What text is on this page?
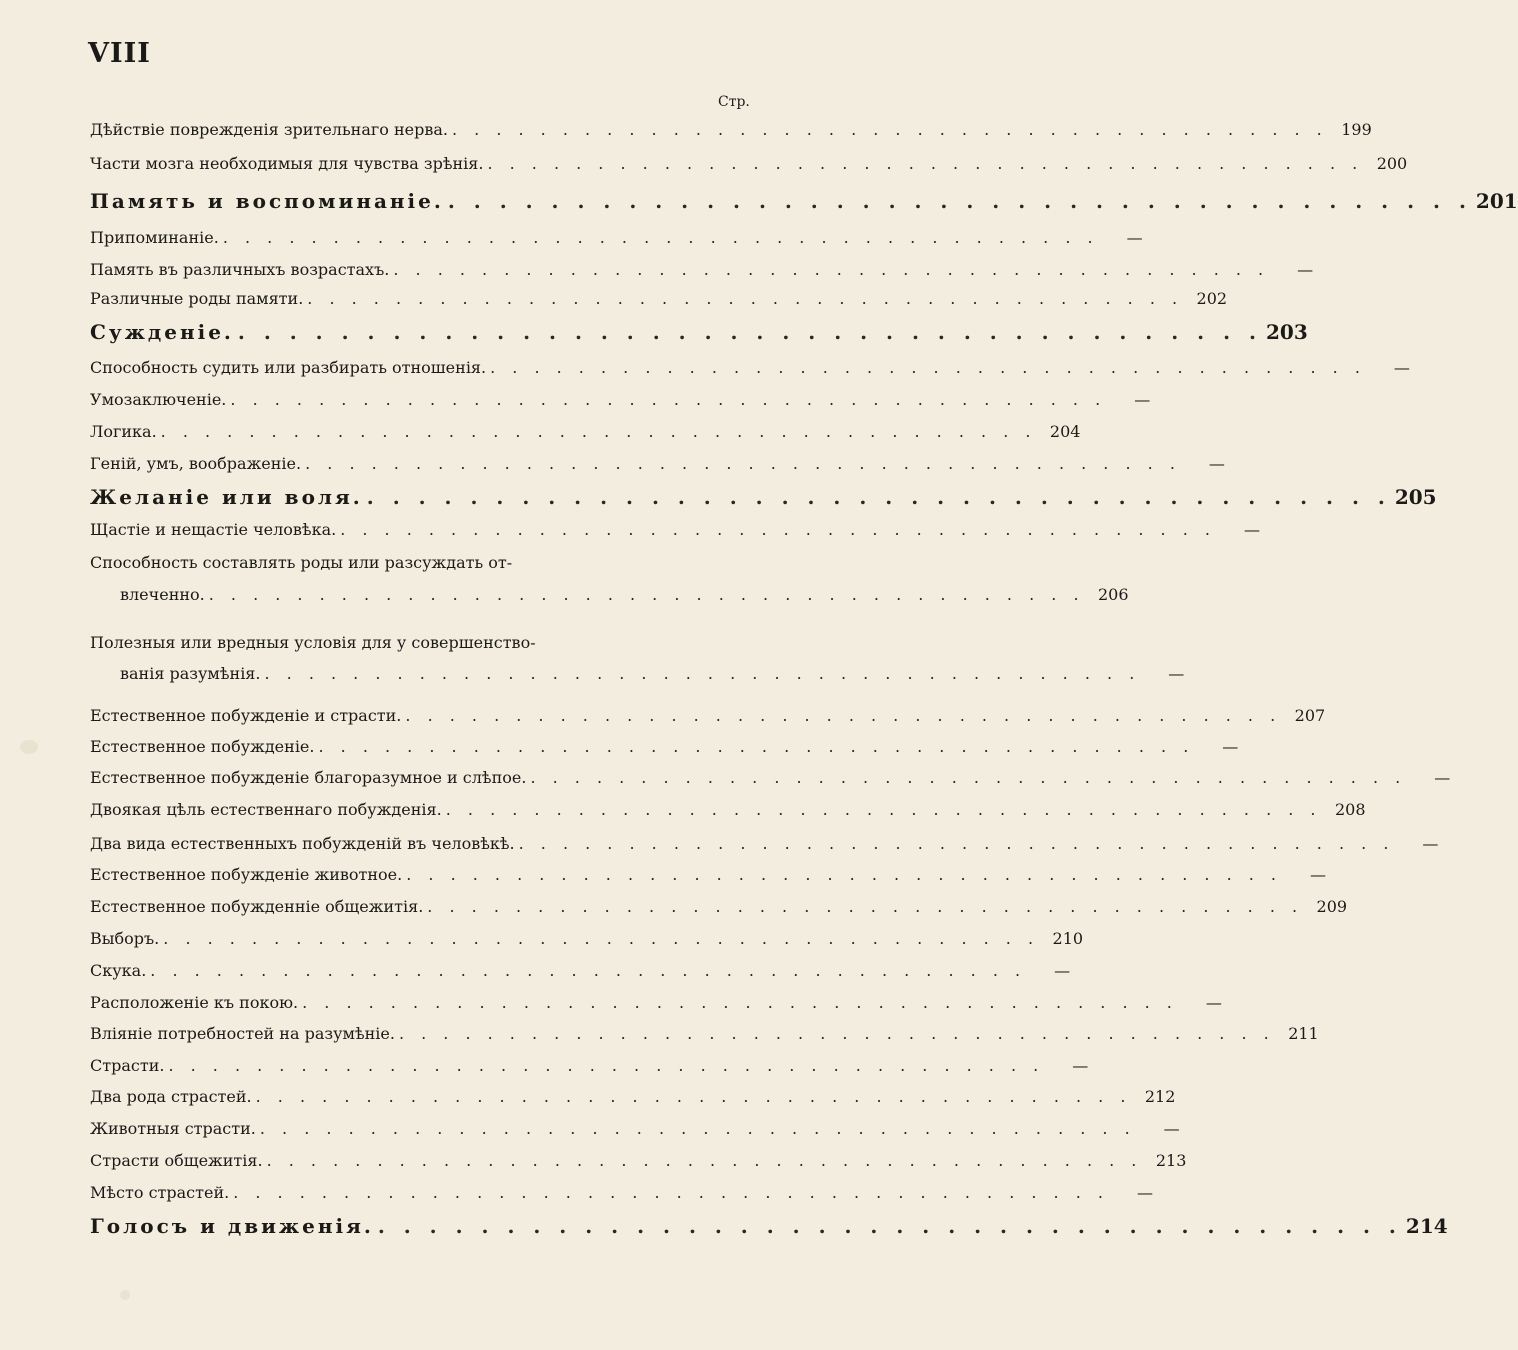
VIII
Стр.
Дѣйствіе поврежденія зрительнаго нерва. . . . . . . . . . . . . . . . . . . . . . . . . . . . . . . . . . . . . . . . . 199
Части мозга необходимыя для чувства зрѣнія. . . . . . . . . . . . . . . . . . . . . . . . . . . . . . . . . . . . . . . . . 200
Память и воспоминаніе. . . . . . . . . . . . . . . . . . . . . . . . . . . . . . . . . . . . . . . . . 201
Припоминаніе. . . . . . . . . . . . . . . . . . . . . . . . . . . . . . . . . . . . . . . . .	—
Память въ различныхъ возрастахъ. . . . . . . . . . . . . . . . . . . . . . . . . . . . . . . . . . . . . . . . .	—
Различные роды памяти. . . . . . . . . . . . . . . . . . . . . . . . . . . . . . . . . . . . . . . . . 202
Сужденіе. . . . . . . . . . . . . . . . . . . . . . . . . . . . . . . . . . . . . . . . . 203
Способность судить или разбирать отношенія. . . . . . . . . . . . . . . . . . . . . . . . . . . . . . . . . . . . . . . . .	—
Умозаключеніе. . . . . . . . . . . . . . . . . . . . . . . . . . . . . . . . . . . . . . . . .	—
Логика. . . . . . . . . . . . . . . . . . . . . . . . . . . . . . . . . . . . . . . . . 204
Геній, умъ, воображеніе. . . . . . . . . . . . . . . . . . . . . . . . . . . . . . . . . . . . . . . . .	—
Желаніе или воля. . . . . . . . . . . . . . . . . . . . . . . . . . . . . . . . . . . . . . . . . 205
Щастіе и нещастіе человѣка. . . . . . . . . . . . . . . . . . . . . . . . . . . . . . . . . . . . . . . . .	—
Способность составлять роды или разсуждать от-
влеченно. . . . . . . . . . . . . . . . . . . . . . . . . . . . . . . . . . . . . . . . . 206
Полезныя или вредныя условія для у совершенство-
ванія разумѣнія. . . . . . . . . . . . . . . . . . . . . . . . . . . . . . . . . . . . . . . . .	—
Естественное побужденіе и страсти. . . . . . . . . . . . . . . . . . . . . . . . . . . . . . . . . . . . . . . . . 207
Естественное побужденіе. . . . . . . . . . . . . . . . . . . . . . . . . . . . . . . . . . . . . . . . .	—
Естественное побужденіе благоразумное и слѣпое. . . . . . . . . . . . . . . . . . . . . . . . . . . . . . . . . . . . . . . . .	—
Двоякая цѣль естественнаго побужденія. . . . . . . . . . . . . . . . . . . . . . . . . . . . . . . . . . . . . . . . . 208
Два вида естественныхъ побужденій въ человѣкѣ. . . . . . . . . . . . . . . . . . . . . . . . . . . . . . . . . . . . . . . . .	—
Естественное побужденіе животное. . . . . . . . . . . . . . . . . . . . . . . . . . . . . . . . . . . . . . . . .	—
Естественное побужденніе общежитія. . . . . . . . . . . . . . . . . . . . . . . . . . . . . . . . . . . . . . . . . 209
Выборъ. . . . . . . . . . . . . . . . . . . . . . . . . . . . . . . . . . . . . . . . . 210
Скука. . . . . . . . . . . . . . . . . . . . . . . . . . . . . . . . . . . . . . . . .	—
Расположеніе къ покою. . . . . . . . . . . . . . . . . . . . . . . . . . . . . . . . . . . . . . . . .	—
Вліяніе потребностей на разумѣніе. . . . . . . . . . . . . . . . . . . . . . . . . . . . . . . . . . . . . . . . . 211
Страсти. . . . . . . . . . . . . . . . . . . . . . . . . . . . . . . . . . . . . . . . .	—
Два рода страстей. . . . . . . . . . . . . . . . . . . . . . . . . . . . . . . . . . . . . . . . . 212
Животныя страсти. . . . . . . . . . . . . . . . . . . . . . . . . . . . . . . . . . . . . . . . .	—
Страсти общежитія. . . . . . . . . . . . . . . . . . . . . . . . . . . . . . . . . . . . . . . . . 213
Мѣсто страстей. . . . . . . . . . . . . . . . . . . . . . . . . . . . . . . . . . . . . . . . .	—
Голосъ и движенія. . . . . . . . . . . . . . . . . . . . . . . . . . . . . . . . . . . . . . . . . 214
